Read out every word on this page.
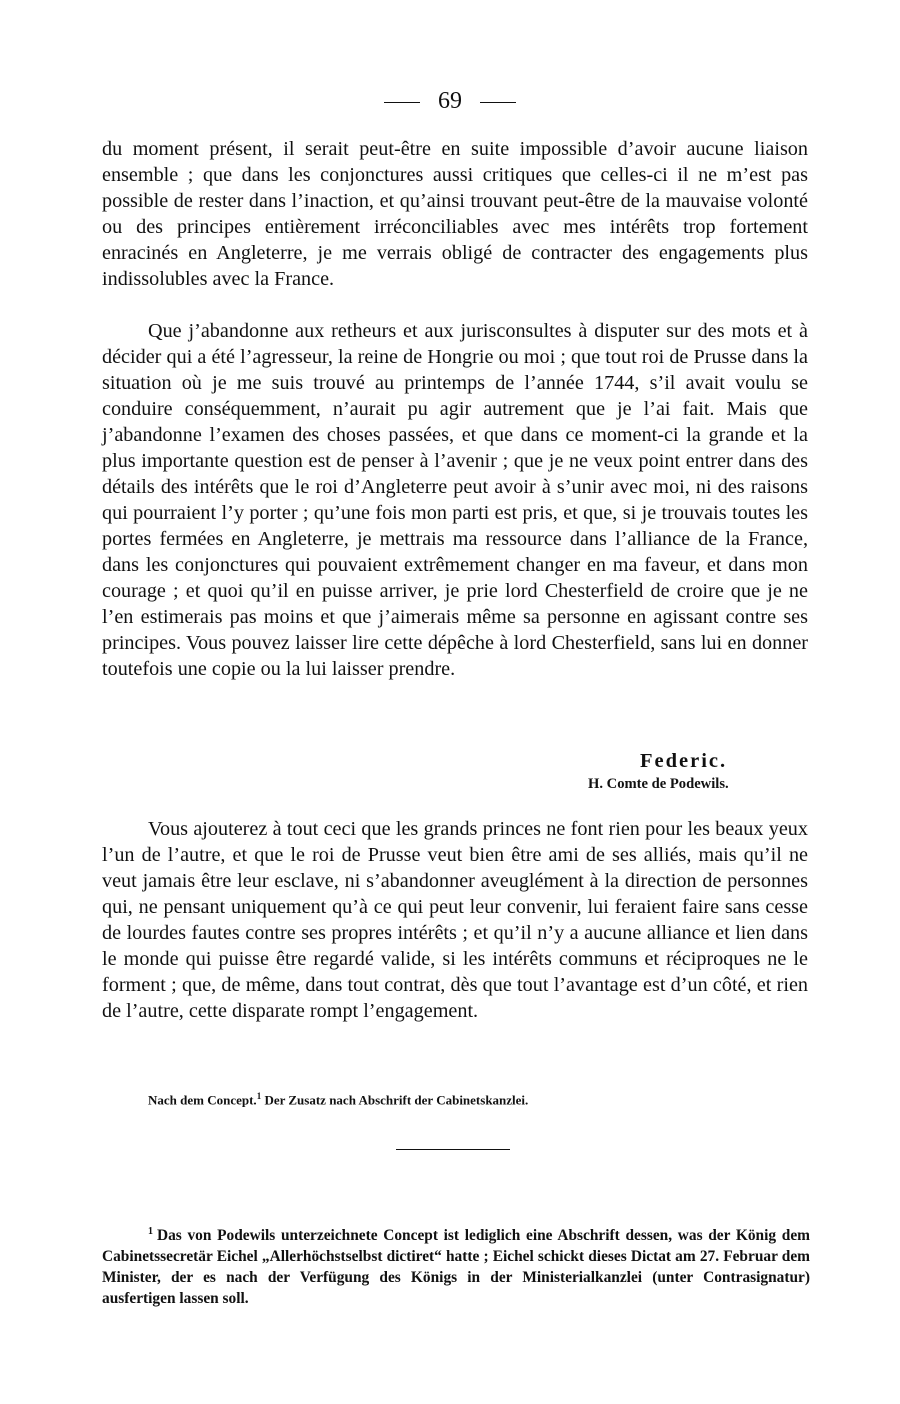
69

du moment présent, il serait peut-être en suite impossible d’avoir aucune liaison ensemble ; que dans les conjonctures aussi critiques que celles-ci il ne m’est pas possible de rester dans l’inaction, et qu’ainsi trouvant peut-être de la mauvaise volonté ou des principes entièrement irréconciliables avec mes intérêts trop fortement enracinés en Angleterre, je me verrais obligé de contracter des engagements plus indissolubles avec la France.

Que j’abandonne aux retheurs et aux jurisconsultes à disputer sur des mots et à décider qui a été l’agresseur, la reine de Hongrie ou moi ; que tout roi de Prusse dans la situation où je me suis trouvé au printemps de l’année 1744, s’il avait voulu se conduire conséquemment, n’aurait pu agir autrement que je l’ai fait. Mais que j’abandonne l’examen des choses passées, et que dans ce moment-ci la grande et la plus importante question est de penser à l’avenir ; que je ne veux point entrer dans des détails des intérêts que le roi d’Angleterre peut avoir à s’unir avec moi, ni des raisons qui pourraient l’y porter ; qu’une fois mon parti est pris, et que, si je trouvais toutes les portes fermées en Angleterre, je mettrais ma ressource dans l’alliance de la France, dans les conjonctures qui pouvaient extrêmement changer en ma faveur, et dans mon courage ; et quoi qu’il en puisse arriver, je prie lord Chesterfield de croire que je ne l’en estimerais pas moins et que j’aimerais même sa personne en agissant contre ses principes. Vous pouvez laisser lire cette dépêche à lord Chesterfield, sans lui en donner toutefois une copie ou la lui laisser prendre.

Federic.
H. Comte de Podewils.

Vous ajouterez à tout ceci que les grands princes ne font rien pour les beaux yeux l’un de l’autre, et que le roi de Prusse veut bien être ami de ses alliés, mais qu’il ne veut jamais être leur esclave, ni s’abandonner aveuglément à la direction de personnes qui, ne pensant uniquement qu’à ce qui peut leur convenir, lui feraient faire sans cesse de lourdes fautes contre ses propres intérêts ; et qu’il n’y a aucune alliance et lien dans le monde qui puisse être regardé valide, si les intérêts communs et réciproques ne le forment ; que, de même, dans tout contrat, dès que tout l’avantage est d’un côté, et rien de l’autre, cette disparate rompt l’engagement.

Nach dem Concept.$^1$ Der Zusatz nach Abschrift der Cabinetskanzlei.

$^1$ Das von Podewils unterzeichnete Concept ist lediglich eine Abschrift dessen, was der König dem Cabinetssecretär Eichel „Allerhöchstselbst dictiret“ hatte ; Eichel schickt dieses Dictat am 27. Februar dem Minister, der es nach der Verfügung des Königs in der Ministerialkanzlei (unter Contrasignatur) ausfertigen lassen soll.
